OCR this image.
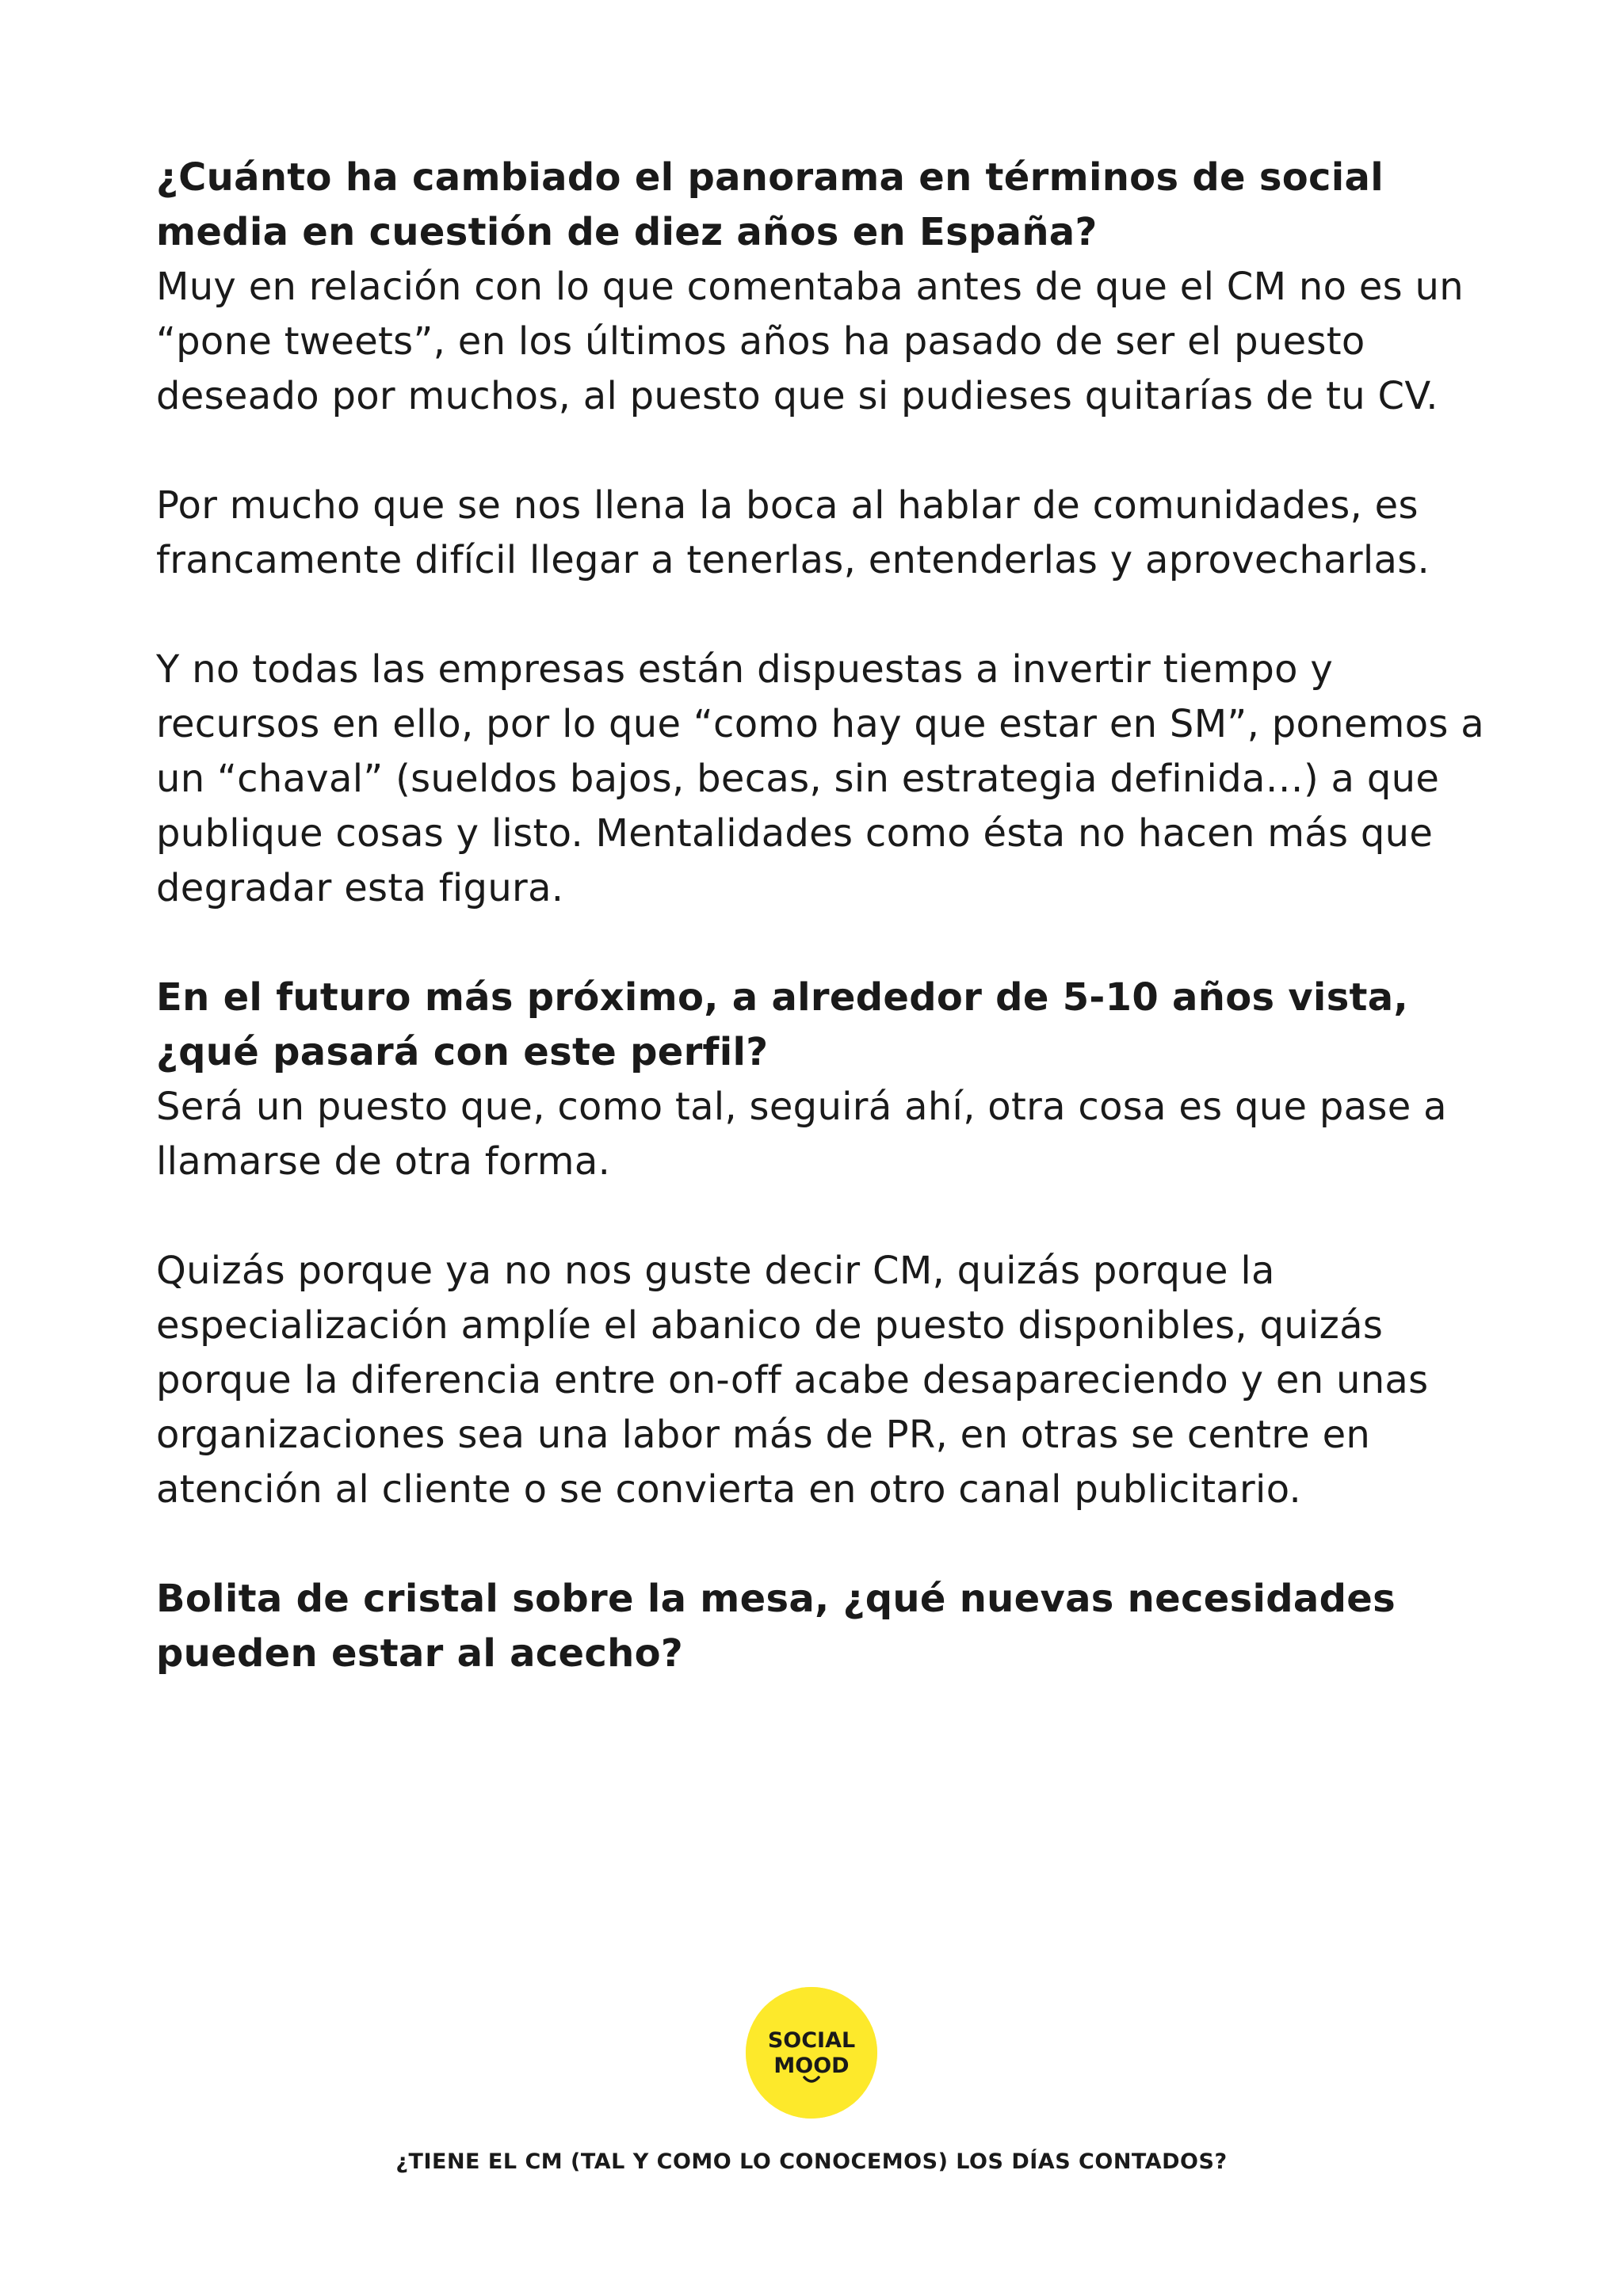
¿Cuánto ha cambiado el panorama en términos de social media en cuestión de diez años en España?

Muy en relación con lo que comentaba antes de que el CM no es un “pone tweets”, en los últimos años ha pasado de ser el puesto deseado por muchos, al puesto que si pudieses quitarías de tu CV.

Por mucho que se nos llena la boca al hablar de comunidades, es francamente difícil llegar a tenerlas, entenderlas y aprovecharlas.

Y no todas las empresas están dispuestas a invertir tiempo y recursos en ello, por lo que “como hay que estar en SM”, ponemos a un “chaval” (sueldos bajos, becas, sin estrategia definida…) a que publique cosas y listo. Mentalidades como ésta no hacen más que degradar esta figura.

En el futuro más próximo, a alrededor de 5-10 años vista, ¿qué pasará con este perfil?

Será un puesto que, como tal, seguirá ahí, otra cosa es que pase a llamarse de otra forma.

Quizás porque ya no nos guste decir CM, quizás porque la especialización amplíe el abanico de puesto disponibles, quizás porque la diferencia entre on-off acabe desapareciendo y en unas organizaciones sea una labor más de PR, en otras se centre en atención al cliente o se convierta en otro canal publicitario.

Bolita de cristal sobre la mesa, ¿qué nuevas necesidades pueden estar al acecho?

SOCIAL
MOOD
¿TIENE EL CM (TAL Y COMO LO CONOCEMOS) LOS DÍAS CONTADOS?
